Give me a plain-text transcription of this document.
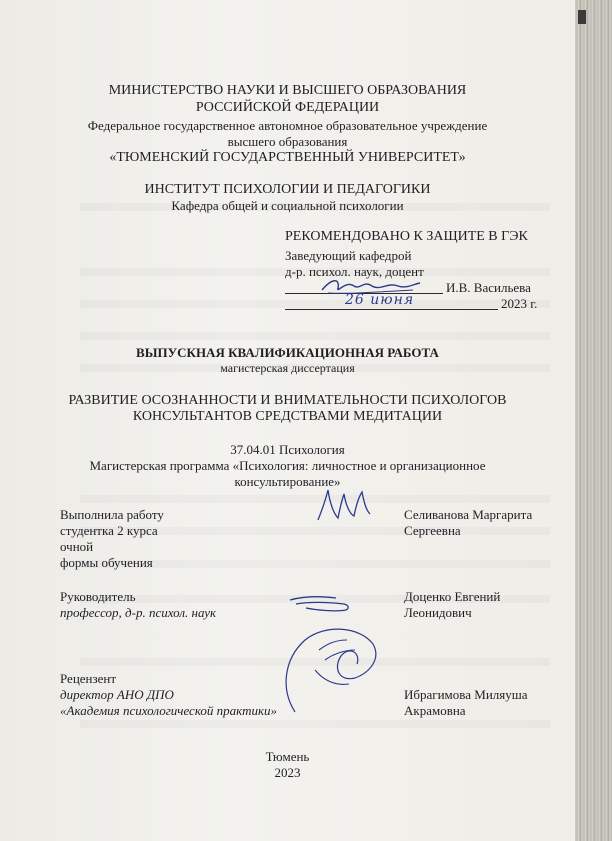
МИНИСТЕРСТВО НАУКИ И ВЫСШЕГО ОБРАЗОВАНИЯ
РОССИЙСКОЙ ФЕДЕРАЦИИ
Федеральное государственное автономное образовательное учреждение
высшего образования
«ТЮМЕНСКИЙ ГОСУДАРСТВЕННЫЙ УНИВЕРСИТЕТ»
ИНСТИТУТ ПСИХОЛОГИИ И ПЕДАГОГИКИ
Кафедра общей и социальной психологии
РЕКОМЕНДОВАНО К ЗАЩИТЕ В ГЭК
Заведующий кафедрой
д-р. психол. наук, доцент
И.В. Васильева
26 июня	2023 г.
ВЫПУСКНАЯ КВАЛИФИКАЦИОННАЯ РАБОТА
магистерская диссертация
РАЗВИТИЕ ОСОЗНАННОСТИ И ВНИМАТЕЛЬНОСТИ ПСИХОЛОГОВ
КОНСУЛЬТАНТОВ СРЕДСТВАМИ МЕДИТАЦИИ
37.04.01 Психология
Магистерская программа «Психология: личностное и организационное
консультирование»
Выполнила работу
студентка 2 курса
очной
формы обучения
Селиванова Маргарита
Сергеевна
Руководитель
профессор, д-р. психол. наук
Доценко Евгений
Леонидович
Рецензент
директор АНО ДПО
«Академия психологической практики»
Ибрагимова Миляуша
Акрамовна
Тюмень
2023
